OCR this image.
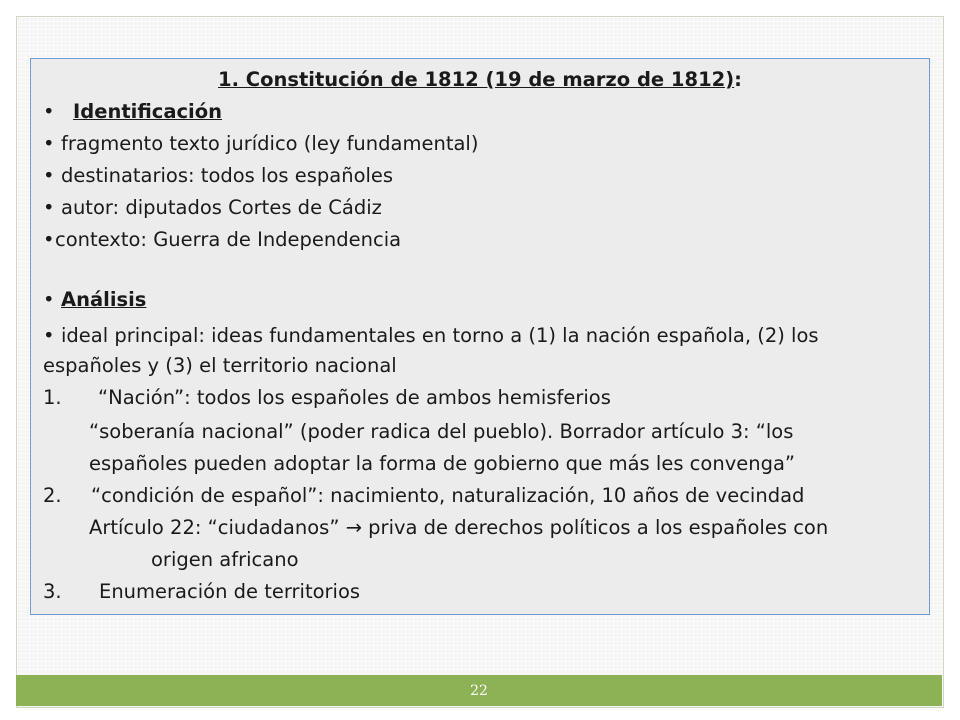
1. Constitución de 1812 (19 de marzo de 1812):
• Identificación
• fragmento texto jurídico (ley fundamental)
• destinatarios: todos los españoles
• autor: diputados Cortes de Cádiz
•contexto: Guerra de Independencia
• Análisis
• ideal principal: ideas fundamentales en torno a (1) la nación española, (2) los
españoles y (3) el territorio nacional
1. “Nación”: todos los españoles de ambos hemisferios
“soberanía nacional” (poder radica del pueblo). Borrador artículo 3: “los
españoles pueden adoptar la forma de gobierno que más les convenga”
2. “condición de español”: nacimiento, naturalización, 10 años de vecindad
Artículo 22: “ciudadanos” → priva de derechos políticos a los españoles con
origen africano
3. Enumeración de territorios
22
